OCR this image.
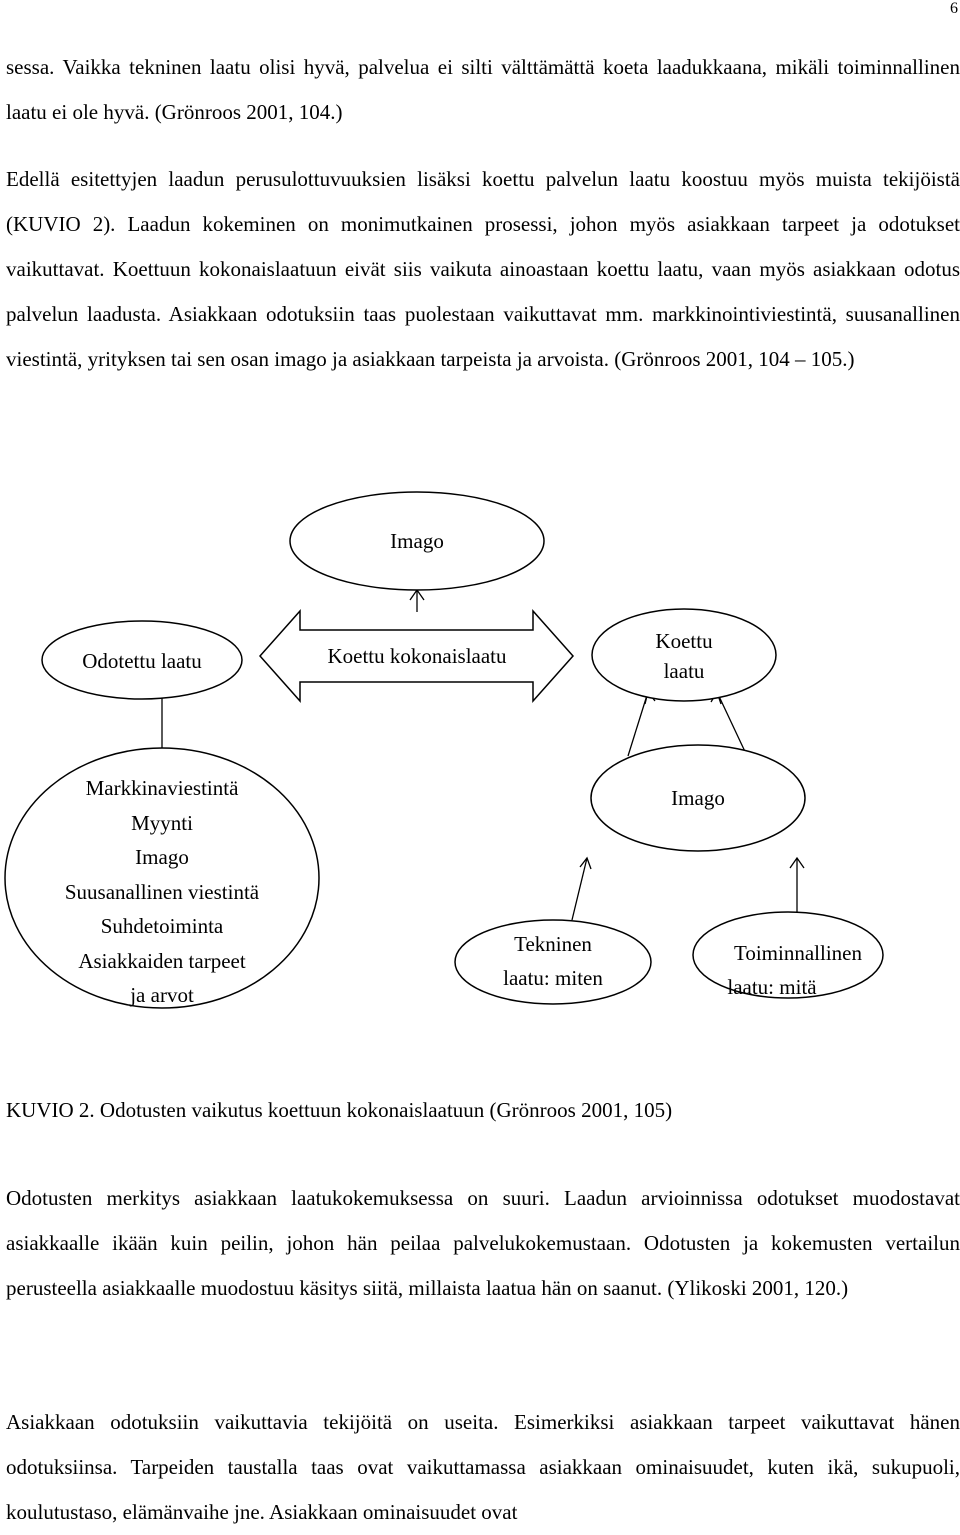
6

sessa. Vaikka tekninen laatu olisi hyvä, palvelua ei silti välttämättä koeta laadukkaana, mikäli toiminnallinen laatu ei ole hyvä. (Grönroos 2001, 104.)

Edellä esitettyjen laadun perusulottuvuuksien lisäksi koettu palvelun laatu koostuu myös muista tekijöistä (KUVIO 2). Laadun kokeminen on monimutkainen prosessi, johon myös asiakkaan tarpeet ja odotukset vaikuttavat. Koettuun kokonaislaatuun eivät siis vaikuta ainoastaan koettu laatu, vaan myös asiakkaan odotus palvelun laadusta. Asiakkaan odotuksiin taas puolestaan vaikuttavat mm. markkinointiviestintä, suusanallinen viestintä, yrityksen tai sen osan imago ja asiakkaan tarpeista ja arvoista. (Grönroos 2001, 104 – 105.)

Imago
Odotettu laatu	Koettu kokonaislaatu
Koettu
laatu
Markkinaviestintä
Myynti
Imago
Suusanallinen viestintä
Suhdetoiminta
Asiakkaiden tarpeet
ja arvot
Imago
Tekninen
laatu: miten
Toiminnallinen
laatu: mitä

KUVIO 2. Odotusten vaikutus koettuun kokonaislaatuun (Grönroos 2001, 105)

Odotusten merkitys asiakkaan laatukokemuksessa on suuri. Laadun arvioinnissa odotukset muodostavat asiakkaalle ikään kuin peilin, johon hän peilaa palvelukokemustaan. Odotusten ja kokemusten vertailun perusteella asiakkaalle muodostuu käsitys siitä, millaista laatua hän on saanut. (Ylikoski 2001, 120.)

Asiakkaan odotuksiin vaikuttavia tekijöitä on useita. Esimerkiksi asiakkaan tarpeet vaikuttavat hänen odotuksiinsa. Tarpeiden taustalla taas ovat vaikuttamassa asiakkaan ominaisuudet, kuten ikä, sukupuoli, koulutustaso, elämänvaihe jne. Asiakkaan ominaisuudet ovat
